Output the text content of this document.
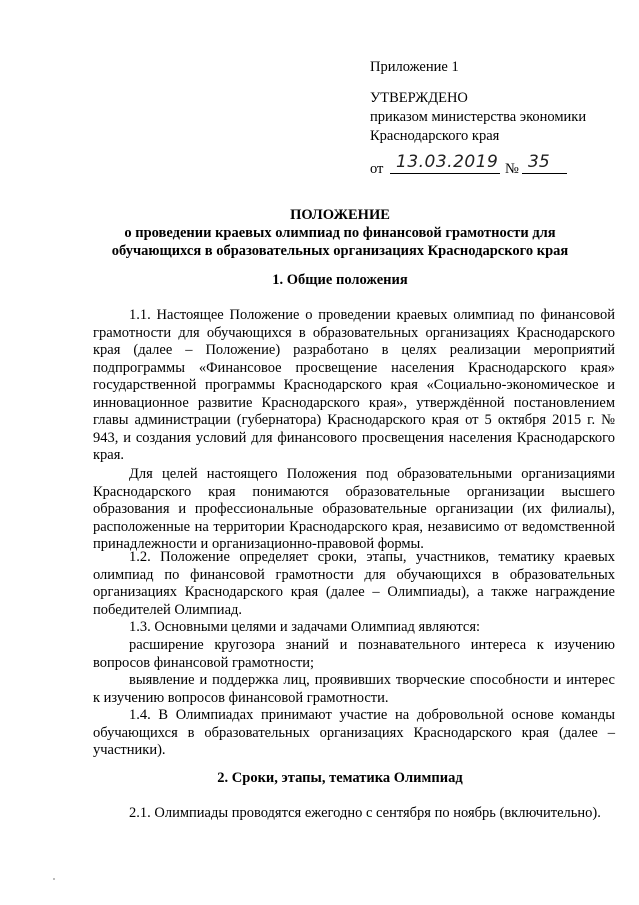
Приложение 1
УТВЕРЖДЕНО
приказом министерства экономики
Краснодарского края
от 13.03.2019 № 35
ПОЛОЖЕНИЕ
о проведении краевых олимпиад по финансовой грамотности для
обучающихся в образовательных организациях Краснодарского края
1. Общие положения

1.1. Настоящее Положение о проведении краевых олимпиад по финансовой грамотности для обучающихся в образовательных организациях Краснодарского края (далее – Положение) разработано в целях реализации мероприятий подпрограммы «Финансовое просвещение населения Краснодарского края» государственной программы Краснодарского края «Социально-экономическое и инновационное развитие Краснодарского края», утверждённой постановлением главы администрации (губернатора) Краснодарского края от 5 октября 2015 г. № 943, и создания условий для финансового просвещения населения Краснодарского края.

Для целей настоящего Положения под образовательными организациями Краснодарского края понимаются образовательные организации высшего образования и профессиональные образовательные организации (их филиалы), расположенные на территории Краснодарского края, независимо от ведомственной принадлежности и организационно-правовой формы.

1.2. Положение определяет сроки, этапы, участников, тематику краевых олимпиад по финансовой грамотности для обучающихся в образовательных организациях Краснодарского края (далее – Олимпиады), а также награждение победителей Олимпиад.

1.3. Основными целями и задачами Олимпиад являются:

расширение кругозора знаний и познавательного интереса к изучению вопросов финансовой грамотности;

выявление и поддержка лиц, проявивших творческие способности и интерес к изучению вопросов финансовой грамотности.

1.4. В Олимпиадах принимают участие на добровольной основе команды обучающихся в образовательных организациях Краснодарского края (далее – участники).

2. Сроки, этапы, тематика Олимпиад

2.1. Олимпиады проводятся ежегодно с сентября по ноябрь (включительно).
